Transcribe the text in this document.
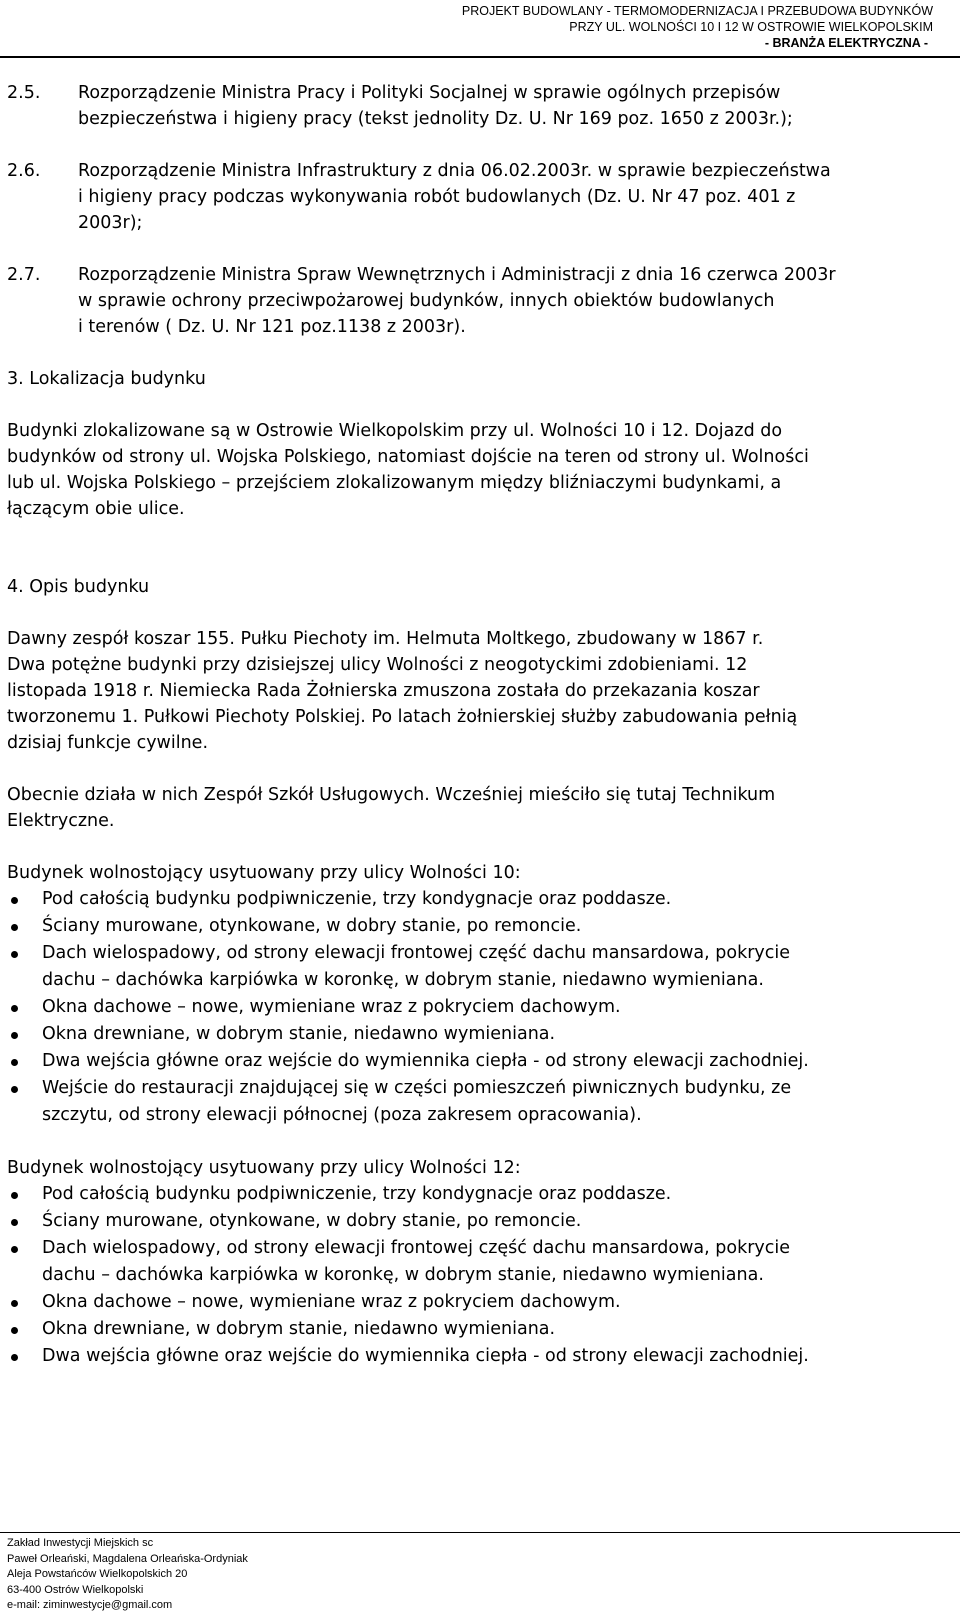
PROJEKT BUDOWLANY - TERMOMODERNIZACJA I PRZEBUDOWA BUDYNKÓW
PRZY UL. WOLNOŚCI 10 I 12 W OSTROWIE WIELKOPOLSKIM
- BRANŻA ELEKTRYCZNA -
2.5.	Rozporządzenie Ministra Pracy i Polityki Socjalnej w sprawie ogólnych przepisów
bezpieczeństwa i higieny pracy (tekst jednolity Dz. U. Nr 169 poz. 1650 z 2003r.);
2.6.	Rozporządzenie Ministra Infrastruktury z dnia 06.02.2003r. w sprawie bezpieczeństwa
i higieny pracy podczas wykonywania robót budowlanych (Dz. U. Nr 47 poz. 401 z
2003r);
2.7.	Rozporządzenie Ministra Spraw Wewnętrznych i Administracji z dnia 16 czerwca 2003r
w sprawie ochrony przeciwpożarowej budynków, innych obiektów budowlanych
i terenów ( Dz. U. Nr 121 poz.1138 z 2003r).
3. Lokalizacja budynku
Budynki zlokalizowane są w Ostrowie Wielkopolskim przy ul. Wolności 10 i 12. Dojazd do
budynków od strony ul. Wojska Polskiego, natomiast dojście na teren od strony ul. Wolności
lub ul. Wojska Polskiego – przejściem zlokalizowanym między bliźniaczymi budynkami, a
łączącym obie ulice.
4. Opis budynku
Dawny zespół koszar 155. Pułku Piechoty im. Helmuta Moltkego, zbudowany w 1867 r.
Dwa potężne budynki przy dzisiejszej ulicy Wolności z neogotyckimi zdobieniami. 12
listopada 1918 r. Niemiecka Rada Żołnierska zmuszona została do przekazania koszar
tworzonemu 1. Pułkowi Piechoty Polskiej. Po latach żołnierskiej służby zabudowania pełnią
dzisiaj funkcje cywilne.
Obecnie działa w nich Zespół Szkół Usługowych. Wcześniej mieściło się tutaj Technikum
Elektryczne.
Budynek wolnostojący usytuowany przy ulicy Wolności 10:
Pod całością budynku podpiwniczenie, trzy kondygnacje oraz poddasze.
Ściany murowane, otynkowane, w dobry stanie, po remoncie.
Dach wielospadowy, od strony elewacji frontowej część dachu mansardowa, pokrycie
dachu – dachówka karpiówka w koronkę, w dobrym stanie, niedawno wymieniana.
Okna dachowe – nowe, wymieniane wraz z pokryciem dachowym.
Okna drewniane, w dobrym stanie, niedawno wymieniana.
Dwa wejścia główne oraz wejście do wymiennika ciepła - od strony elewacji zachodniej.
Wejście do restauracji znajdującej się w części pomieszczeń piwnicznych budynku, ze
szczytu, od strony elewacji północnej (poza zakresem opracowania).
Budynek wolnostojący usytuowany przy ulicy Wolności 12:
Pod całością budynku podpiwniczenie, trzy kondygnacje oraz poddasze.
Ściany murowane, otynkowane, w dobry stanie, po remoncie.
Dach wielospadowy, od strony elewacji frontowej część dachu mansardowa, pokrycie
dachu – dachówka karpiówka w koronkę, w dobrym stanie, niedawno wymieniana.
Okna dachowe – nowe, wymieniane wraz z pokryciem dachowym.
Okna drewniane, w dobrym stanie, niedawno wymieniana.
Dwa wejścia główne oraz wejście do wymiennika ciepła - od strony elewacji zachodniej.
Zakład Inwestycji Miejskich sc
Paweł Orleański, Magdalena Orleańska-Ordyniak
Aleja Powstańców Wielkopolskich 20
63-400 Ostrów Wielkopolski
e-mail: ziminwestycje@gmail.com
